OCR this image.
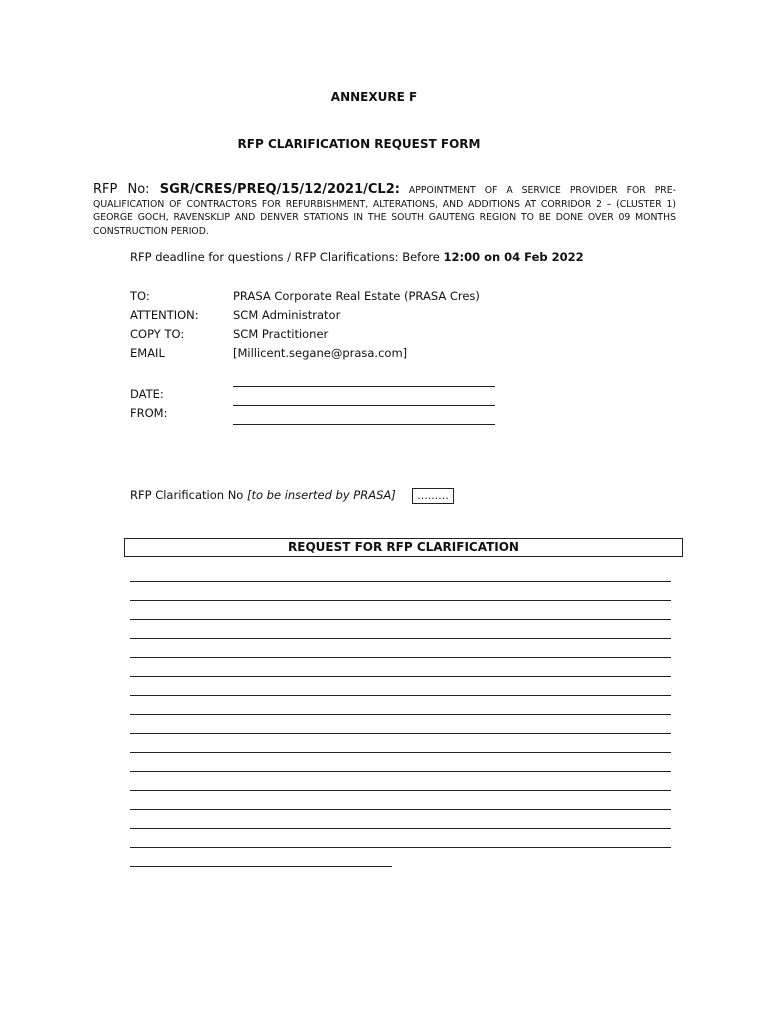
ANNEXURE F
RFP CLARIFICATION REQUEST FORM
RFP No: SGR/CRES/PREQ/15/12/2021/CL2: APPOINTMENT OF A SERVICE PROVIDER FOR PRE-QUALIFICATION OF CONTRACTORS FOR REFURBISHMENT, ALTERATIONS, AND ADDITIONS AT CORRIDOR 2 – (CLUSTER 1) GEORGE GOCH, RAVENSKLIP AND DENVER STATIONS IN THE SOUTH GAUTENG REGION TO BE DONE OVER 09 MONTHS CONSTRUCTION PERIOD.
RFP deadline for questions / RFP Clarifications: Before 12:00 on 04 Feb 2022
TO:	PRASA Corporate Real Estate (PRASA Cres)
ATTENTION:	SCM Administrator
COPY TO:	SCM Practitioner
EMAIL	[Millicent.segane@prasa.com]
DATE:
FROM:
RFP Clarification No [to be inserted by PRASA]	.........
REQUEST FOR RFP CLARIFICATION
